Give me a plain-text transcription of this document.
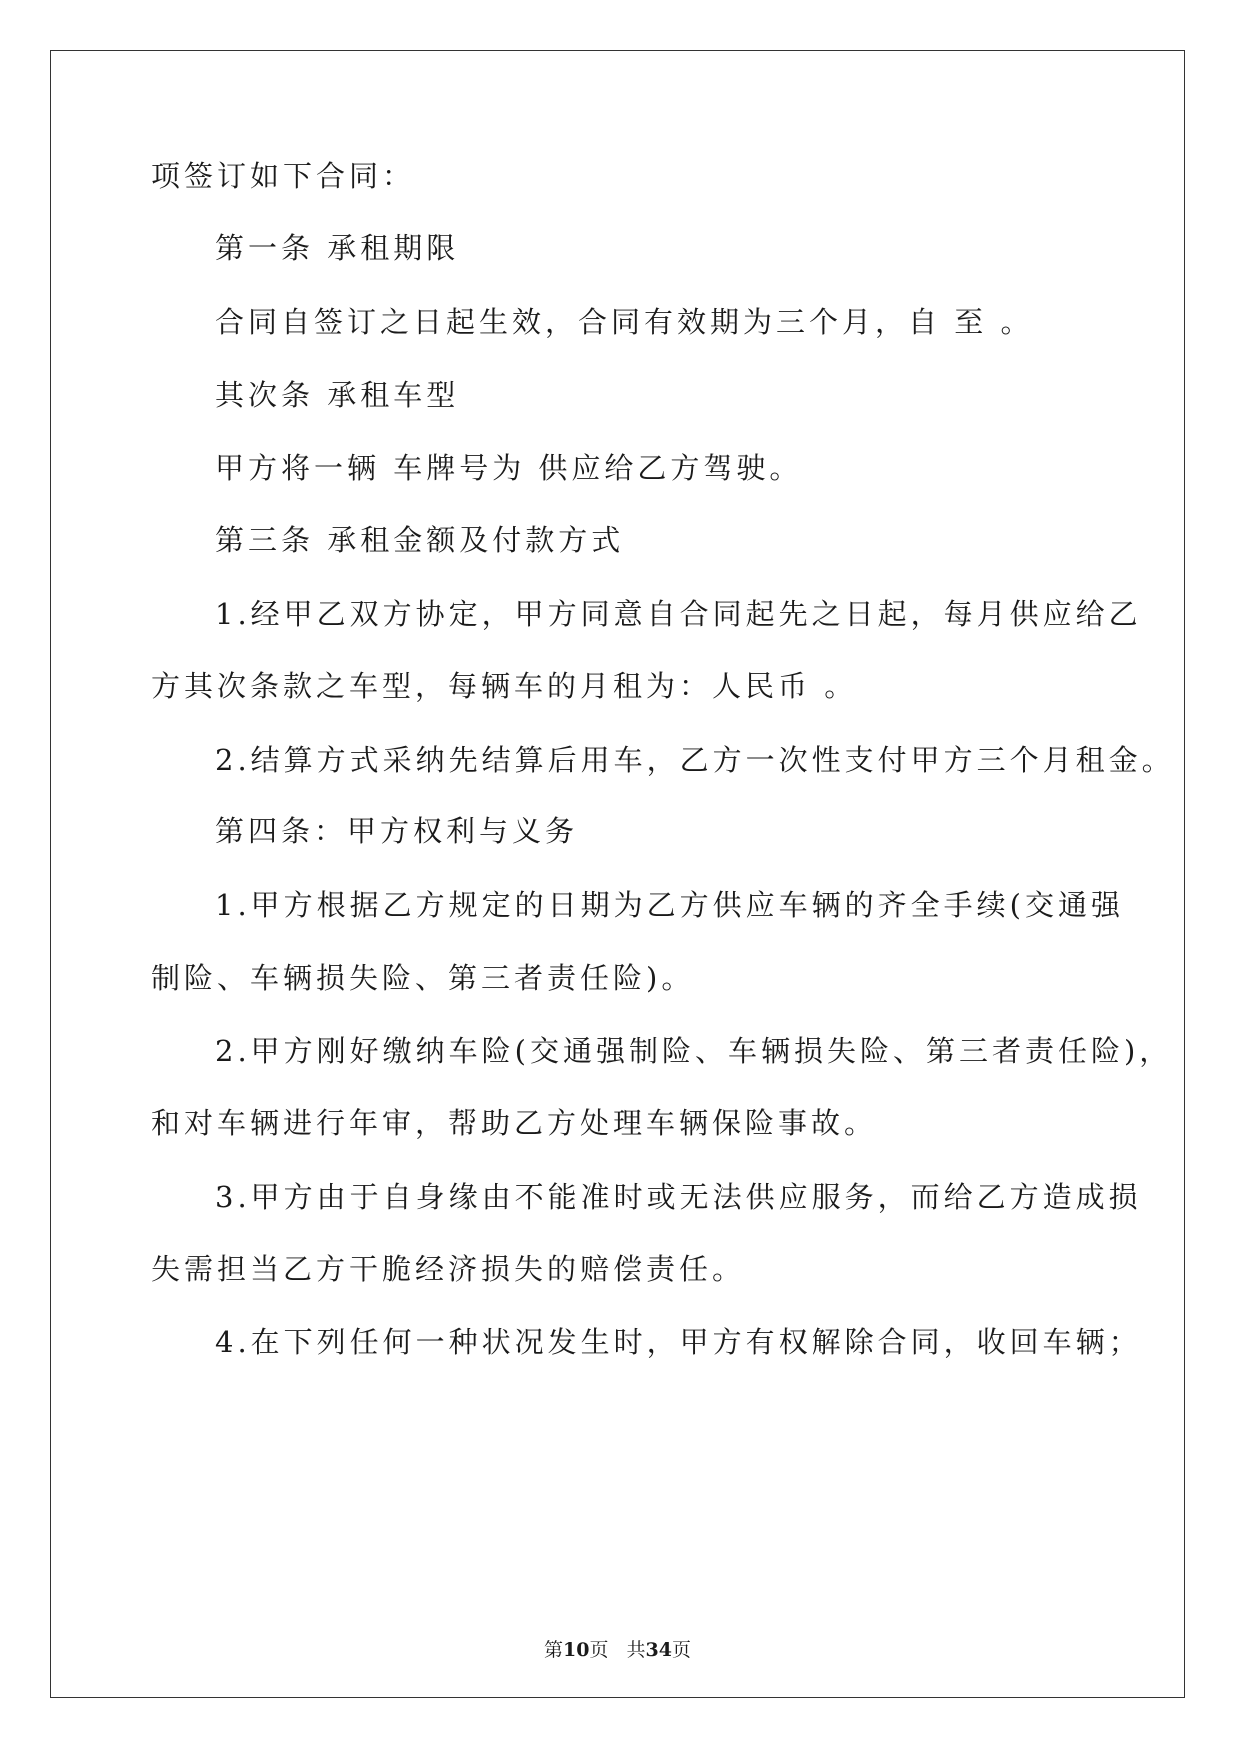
项签订如下合同：
第一条 承租期限
合同自签订之日起生效，合同有效期为三个月，自 至 。
其次条 承租车型
甲方将一辆 车牌号为 供应给乙方驾驶。
第三条 承租金额及付款方式
1.经甲乙双方协定，甲方同意自合同起先之日起，每月供应给乙
方其次条款之车型，每辆车的月租为：人民币 。
2.结算方式采纳先结算后用车，乙方一次性支付甲方三个月租金。
第四条：甲方权利与义务
1.甲方根据乙方规定的日期为乙方供应车辆的齐全手续(交通强
制险、车辆损失险、第三者责任险)。
2.甲方刚好缴纳车险(交通强制险、车辆损失险、第三者责任险)，
和对车辆进行年审，帮助乙方处理车辆保险事故。
3.甲方由于自身缘由不能准时或无法供应服务，而给乙方造成损
失需担当乙方干脆经济损失的赔偿责任。
4.在下列任何一种状况发生时，甲方有权解除合同，收回车辆；
第10页 共34页
